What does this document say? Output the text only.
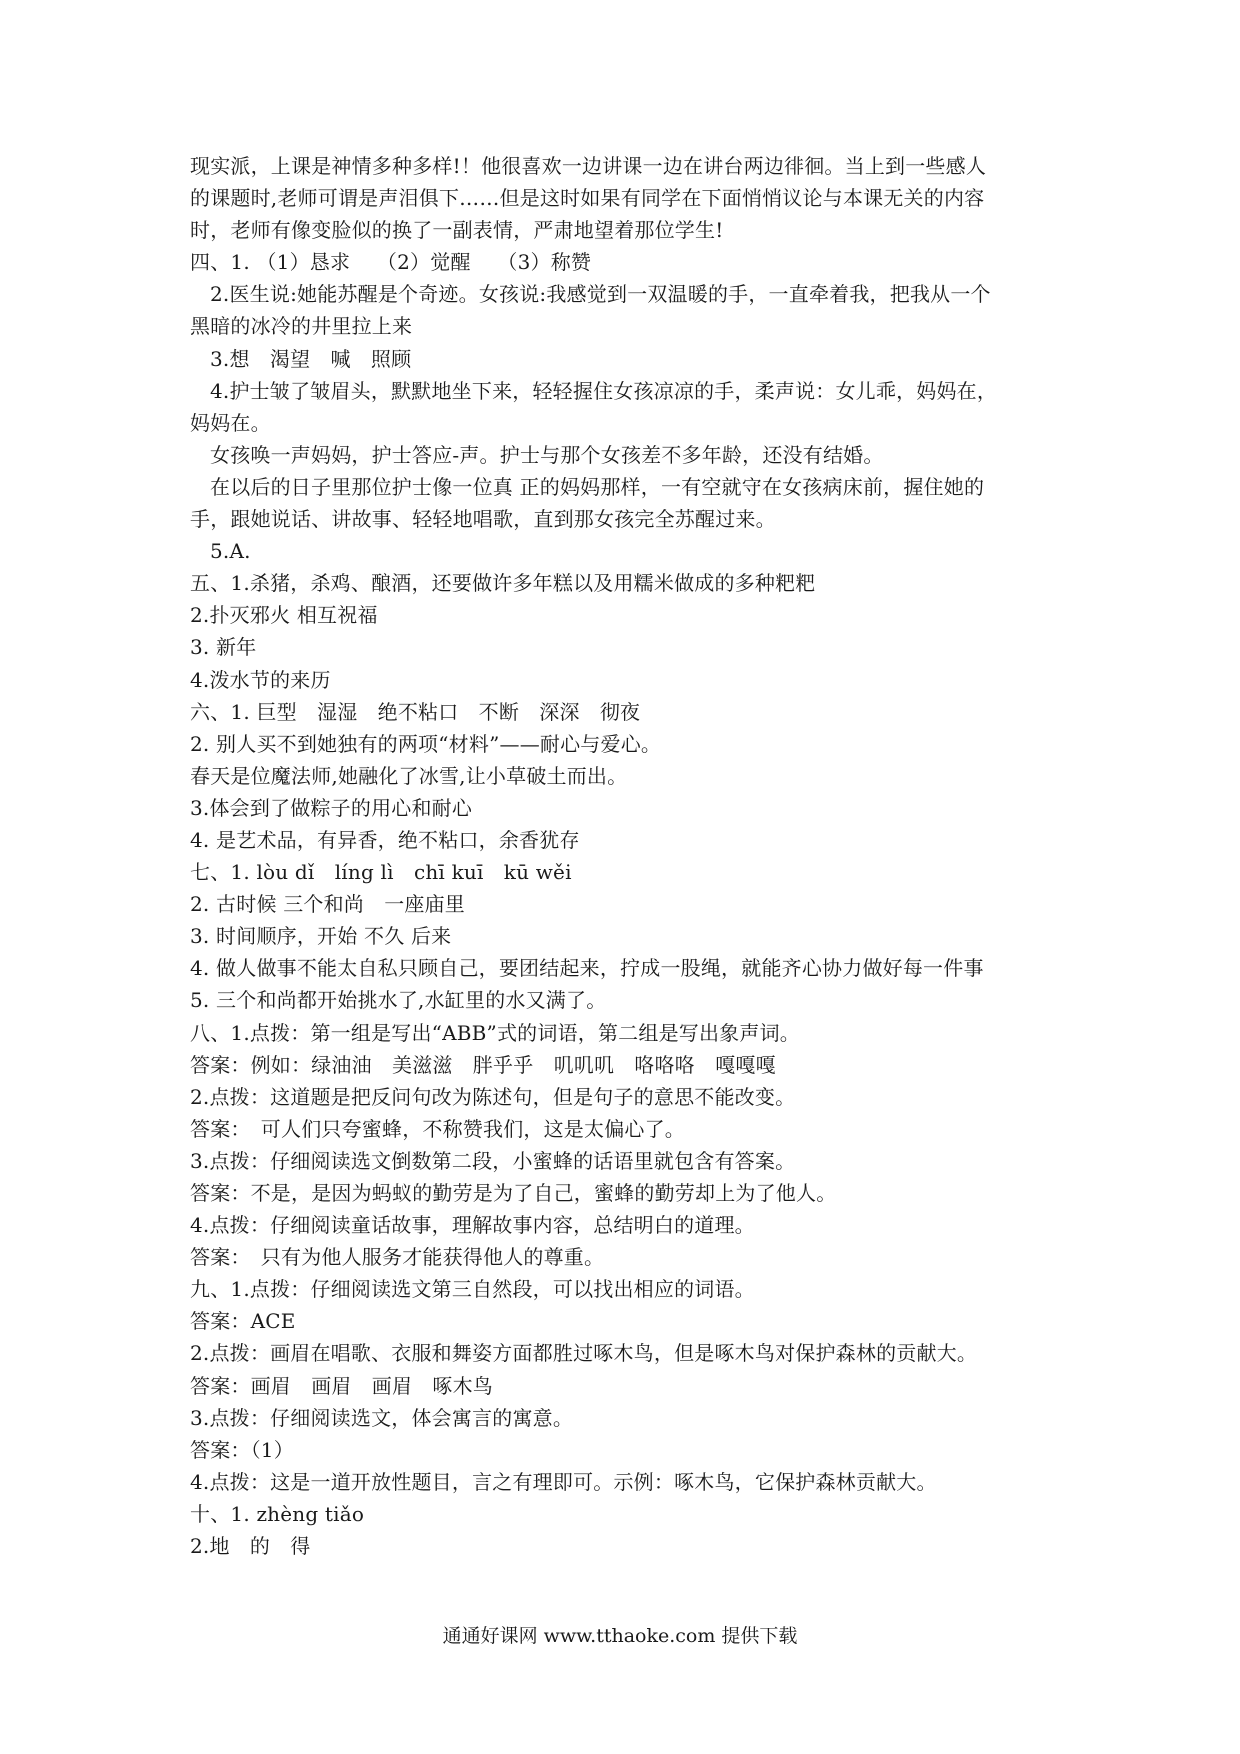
现实派，上课是神情多种多样!！他很喜欢一边讲课一边在讲台两边徘徊。当上到一些感人
的课题时,老师可谓是声泪俱下……但是这时如果有同学在下面悄悄议论与本课无关的内容
时，老师有像变脸似的换了一副表情，严肃地望着那位学生!
四、1. （1）恳求　 （2）觉醒　 （3）称赞
2.医生说:她能苏醒是个奇迹。女孩说:我感觉到一双温暖的手，一直牵着我，把我从一个
黑暗的冰冷的井里拉上来
3.想　渴望　喊　照顾
4.护士皱了皱眉头，默默地坐下来，轻轻握住女孩凉凉的手，柔声说：女儿乖，妈妈在，
妈妈在。
女孩唤一声妈妈，护士答应-声。护士与那个女孩差不多年龄，还没有结婚。
在以后的日子里那位护士像一位真 正的妈妈那样，一有空就守在女孩病床前，握住她的
手，跟她说话、讲故事、轻轻地唱歌，直到那女孩完全苏醒过来。
5.A.
五、1.杀猪，杀鸡、酿酒，还要做许多年糕以及用糯米做成的多种粑粑
2.扑灭邪火 相互祝福
3. 新年
4.泼水节的来历
六、1. 巨型　湿湿　绝不粘口　不断　深深　彻夜
2. 别人买不到她独有的两项“材料”——耐心与爱心。
春天是位魔法师,她融化了冰雪,让小草破土而出。
3.体会到了做粽子的用心和耐心
4. 是艺术品，有异香，绝不粘口，余香犹存
七、1. lòu dǐ　líng lì　chī kuī　kū wěi
2. 古时候 三个和尚　一座庙里
3. 时间顺序，开始 不久 后来
4. 做人做事不能太自私只顾自己，要团结起来，拧成一股绳，就能齐心协力做好每一件事
5. 三个和尚都开始挑水了,水缸里的水又满了。
八、1.点拨：第一组是写出“ABB”式的词语，第二组是写出象声词。
答案：例如：绿油油　美滋滋　胖乎乎　叽叽叽　咯咯咯　嘎嘎嘎
2.点拨：这道题是把反问句改为陈述句，但是句子的意思不能改变。
答案：　可人们只夸蜜蜂，不称赞我们，这是太偏心了。
3.点拨：仔细阅读选文倒数第二段，小蜜蜂的话语里就包含有答案。
答案：不是，是因为蚂蚁的勤劳是为了自己，蜜蜂的勤劳却上为了他人。
4.点拨：仔细阅读童话故事，理解故事内容，总结明白的道理。
答案：　只有为他人服务才能获得他人的尊重。
九、1.点拨：仔细阅读选文第三自然段，可以找出相应的词语。
答案：ACE
2.点拨：画眉在唱歌、衣服和舞姿方面都胜过啄木鸟，但是啄木鸟对保护森林的贡献大。
答案：画眉　画眉　画眉　啄木鸟
3.点拨：仔细阅读选文，体会寓言的寓意。
答案：（1）
4.点拨：这是一道开放性题目，言之有理即可。示例：啄木鸟，它保护森林贡献大。
十、1. zhèng tiǎo
2.地　的　得
通通好课网 www.tthaoke.com 提供下载
